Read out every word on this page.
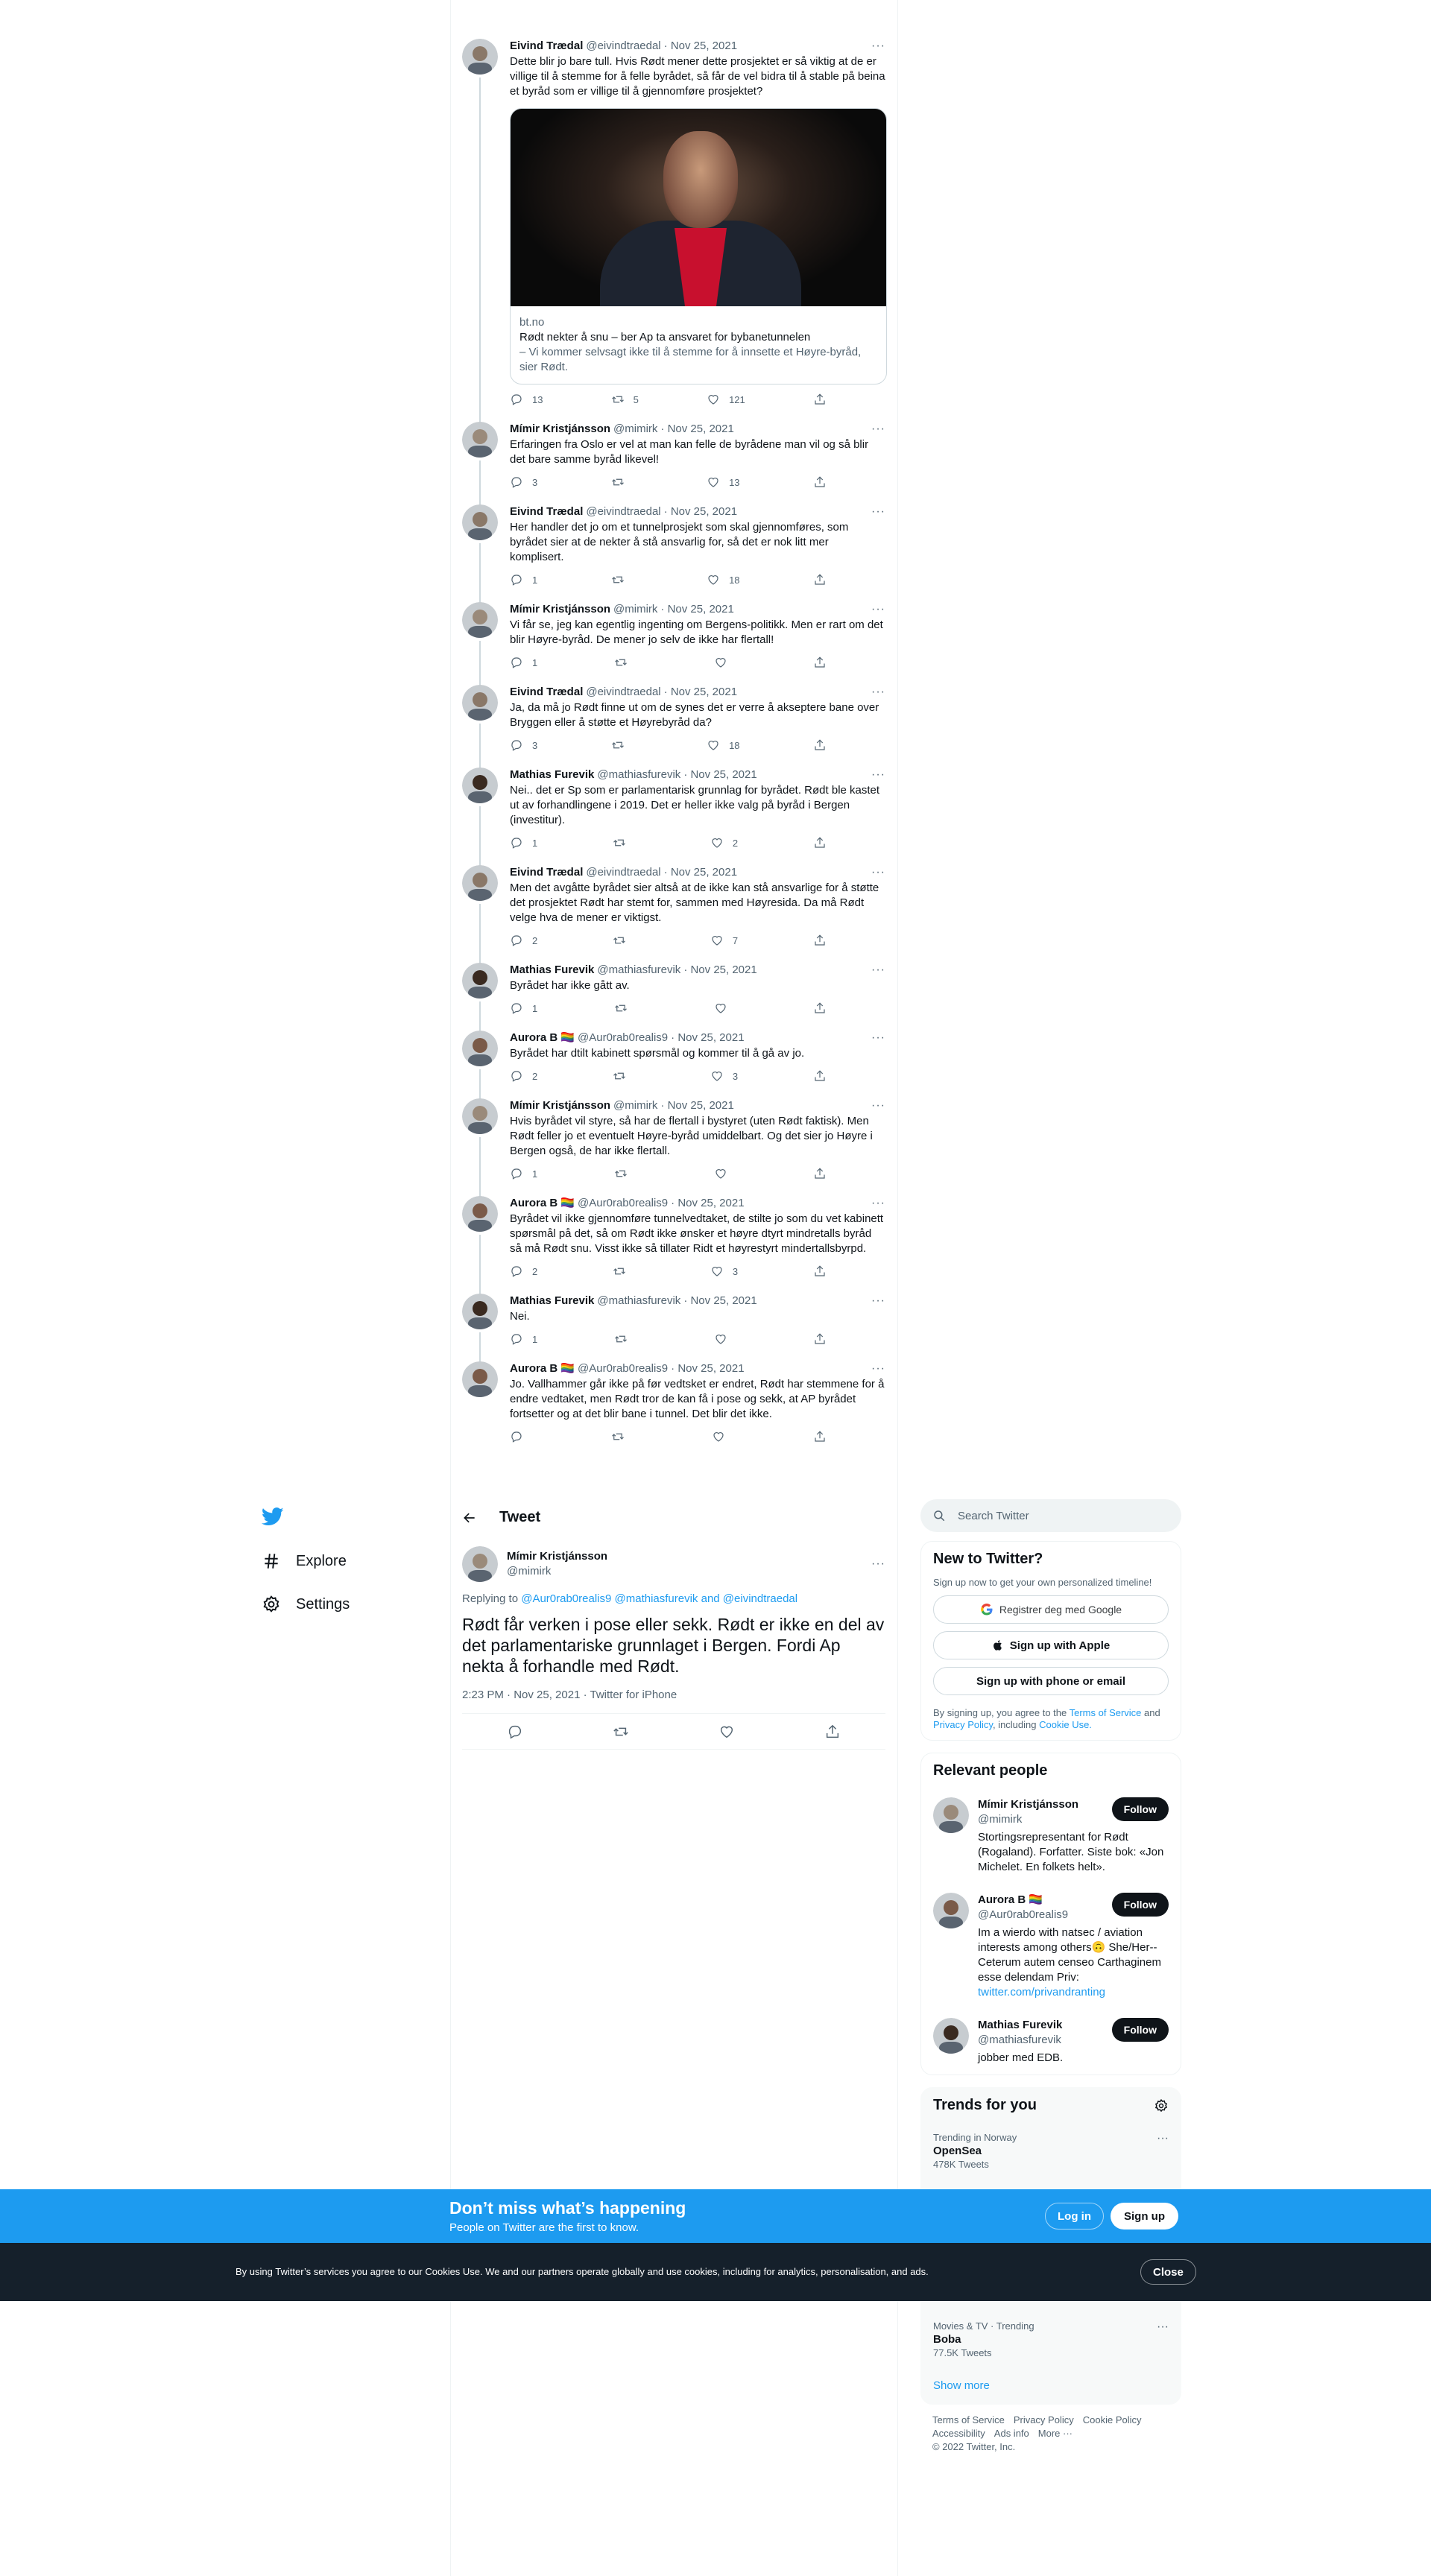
Eivind Trædal @eivindtraedal · Nov 25, 2021	···
Dette blir jo bare tull. Hvis Rødt mener dette prosjektet er så viktig at de er villige til å stemme for å felle byrådet, så får de vel bidra til å stable på beina et byråd som er villige til å gjennomføre prosjektet?
bt.no
Rødt nekter å snu – ber Ap ta ansvaret for bybanetunnelen
– Vi kommer selvsagt ikke til å stemme for å innsette et Høyre-byråd, sier Rødt.
13	5	121
Mímir Kristjánsson @mimirk · Nov 25, 2021	···
Erfaringen fra Oslo er vel at man kan felle de byrådene man vil og så blir det bare samme byråd likevel!
3	13
Eivind Trædal @eivindtraedal · Nov 25, 2021	···
Her handler det jo om et tunnelprosjekt som skal gjennomføres, som byrådet sier at de nekter å stå ansvarlig for, så det er nok litt mer komplisert.
1	18
Mímir Kristjánsson @mimirk · Nov 25, 2021	···
Vi får se, jeg kan egentlig ingenting om Bergens-politikk. Men er rart om det blir Høyre-byråd. De mener jo selv de ikke har flertall!
1
Eivind Trædal @eivindtraedal · Nov 25, 2021	···
Ja, da må jo Rødt finne ut om de synes det er verre å akseptere bane over Bryggen eller å støtte et Høyrebyråd da?
3	18
Mathias Furevik @mathiasfurevik · Nov 25, 2021	···
Nei.. det er Sp som er parlamentarisk grunnlag for byrådet. Rødt ble kastet ut av forhandlingene i 2019. Det er heller ikke valg på byråd i Bergen (investitur).
1	2
Eivind Trædal @eivindtraedal · Nov 25, 2021	···
Men det avgåtte byrådet sier altså at de ikke kan stå ansvarlige for å støtte det prosjektet Rødt har stemt for, sammen med Høyresida. Da må Rødt velge hva de mener er viktigst.
2	7
Mathias Furevik @mathiasfurevik · Nov 25, 2021	···
Byrådet har ikke gått av.
1
Aurora B 🏳️‍🌈 @Aur0rab0realis9 · Nov 25, 2021	···
Byrådet har dtilt kabinett spørsmål og kommer til å gå av jo.
2	3
Mímir Kristjánsson @mimirk · Nov 25, 2021	···
Hvis byrådet vil styre, så har de flertall i bystyret (uten Rødt faktisk). Men Rødt feller jo et eventuelt Høyre-byråd umiddelbart. Og det sier jo Høyre i Bergen også, de har ikke flertall.
1
Aurora B 🏳️‍🌈 @Aur0rab0realis9 · Nov 25, 2021	···
Byrådet vil ikke gjennomføre tunnelvedtaket, de stilte jo som du vet kabinett spørsmål på det, så om Rødt ikke ønsker et høyre dtyrt mindretalls byråd så må Rødt snu. Visst ikke så tillater Ridt et høyrestyrt mindertallsbyrpd.
2	3
Mathias Furevik @mathiasfurevik · Nov 25, 2021	···
Nei.
1
Aurora B 🏳️‍🌈 @Aur0rab0realis9 · Nov 25, 2021	···
Jo. Vallhammer går ikke på før vedtsket er endret, Rødt har stemmene for å endre vedtaket, men Rødt tror de kan få i pose og sekk, at AP byrådet fortsetter og at det blir bane i tunnel. Det blir det ikke.
Explore
Settings
Tweet
Mímir Kristjánsson
@mimirk
···
Replying to @Aur0rab0realis9 @mathiasfurevik and @eivindtraedal
Rødt får verken i pose eller sekk. Rødt er ikke en del av det parlamentariske grunnlaget i Bergen. Fordi Ap nekta å forhandle med Rødt.
2:23 PM · Nov 25, 2021 · Twitter for iPhone
Search Twitter
New to Twitter?
Sign up now to get your own personalized timeline!
Registrer deg med Google
Sign up with Apple
Sign up with phone or email
By signing up, you agree to the Terms of Service and Privacy Policy, including Cookie Use.
Relevant people
Mímir Kristjánsson
@mimirk
Follow
Stortingsrepresentant for Rødt (Rogaland). Forfatter. Siste bok: «Jon Michelet. En folkets helt».
Aurora B 🏳️‍🌈
@Aur0rab0realis9
Follow
Im a wierdo with natsec / aviation interests among others🙃 She/Her-- Ceterum autem censeo Carthaginem esse delendam Priv: twitter.com/privandranting
Mathias Furevik
@mathiasfurevik
Follow
jobber med EDB.
Trends for you
Trending in Norway
OpenSea
478K Tweets
···
Movies & TV · Trending
Boba
77.5K Tweets
···
Show more
Terms of Service Privacy Policy Cookie Policy
Accessibility Ads info More ···
© 2022 Twitter, Inc.
Don’t miss what’s happening
People on Twitter are the first to know.
Log in	Sign up
By using Twitter’s services you agree to our Cookies Use. We and our partners operate globally and use cookies, including for analytics, personalisation, and ads.	Close
